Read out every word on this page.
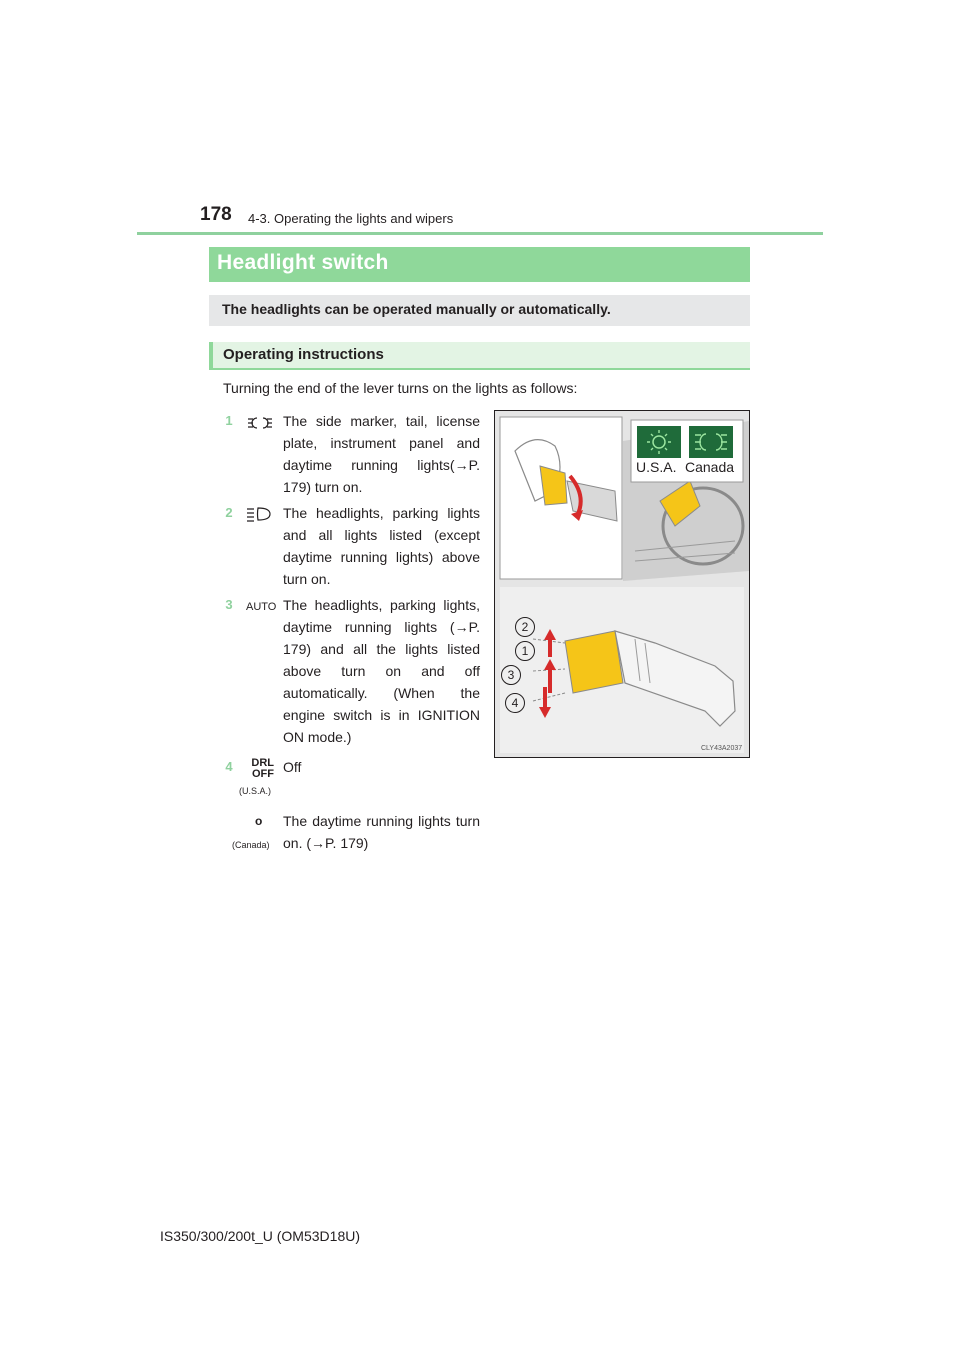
178 4-3. Operating the lights and wipers
Headlight switch
The headlights can be operated manually or automatically.
Operating instructions
Turning the end of the lever turns on the lights as follows:
1	The side marker, tail, license plate, instrument panel and daytime running lights(→P. 179) turn on.
2	The headlights, parking lights and all lights listed (except daytime running lights) above turn on.
3	AUTO The headlights, parking lights, daytime running lights (→P. 179) and all the lights listed above turn on and off automatically. (When the engine switch is in IGNITION ON mode.)
4	DRL OFF
(U.S.A.)
Off
o
(Canada)
The daytime running lights turn on. (→P. 179)
U.S.A. Canada
2
1
3
4
CLY43A2037
IS350/300/200t_U (OM53D18U)
